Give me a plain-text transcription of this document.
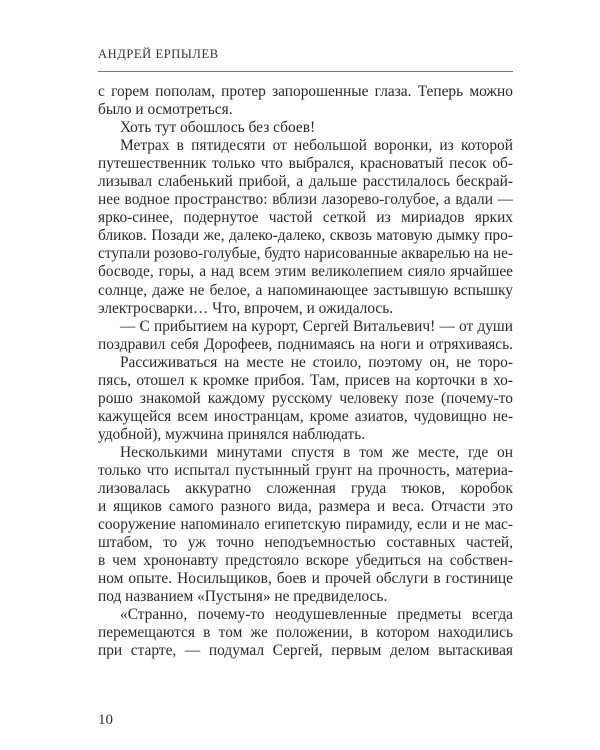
АНДРЕЙ ЕРПЫЛЕВ
с горем пополам, протер запорошенные глаза. Теперь можно
было и осмотреться.
Хоть тут обошлось без сбоев!
Метрах в пятидесяти от небольшой воронки, из которой
путешественник только что выбрался, красноватый песок об-
лизывал слабенький прибой, а дальше расстилалось бескрай-
нее водное пространство: вблизи лазорево-голубое, а вдали —
ярко-синее, подернутое частой сеткой из мириадов ярких
бликов. Позади же, далеко-далеко, сквозь матовую дымку про-
ступали розово-голубые, будто нарисованные акварелью на не-
босводе, горы, а над всем этим великолепием сияло ярчайшее
солнце, даже не белое, а напоминающее застывшую вспышку
электросварки… Что, впрочем, и ожидалось.
— С прибытием на курорт, Сергей Витальевич! — от души
поздравил себя Дорофеев, поднимаясь на ноги и отряхиваясь.
Рассиживаться на месте не стоило, поэтому он, не торо-
пясь, отошел к кромке прибоя. Там, присев на корточки в хо-
рошо знакомой каждому русскому человеку позе (почему-то
кажущейся всем иностранцам, кроме азиатов, чудовищно не-
удобной), мужчина принялся наблюдать.
Несколькими минутами спустя в том же месте, где он
только что испытал пустынный грунт на прочность, материа-
лизовалась аккуратно сложенная груда тюков, коробок
и ящиков самого разного вида, размера и веса. Отчасти это
сооружение напоминало египетскую пирамиду, если и не мас-
штабом, то уж точно неподъемностью составных частей,
в чем хрононавту предстояло вскоре убедиться на собствен-
ном опыте. Носильщиков, боев и прочей обслуги в гостинице
под названием «Пустыня» не предвиделось.
«Странно, почему-то неодушевленные предметы всегда
перемещаются в том же положении, в котором находились
при старте, — подумал Сергей, первым делом вытаскивая
10
